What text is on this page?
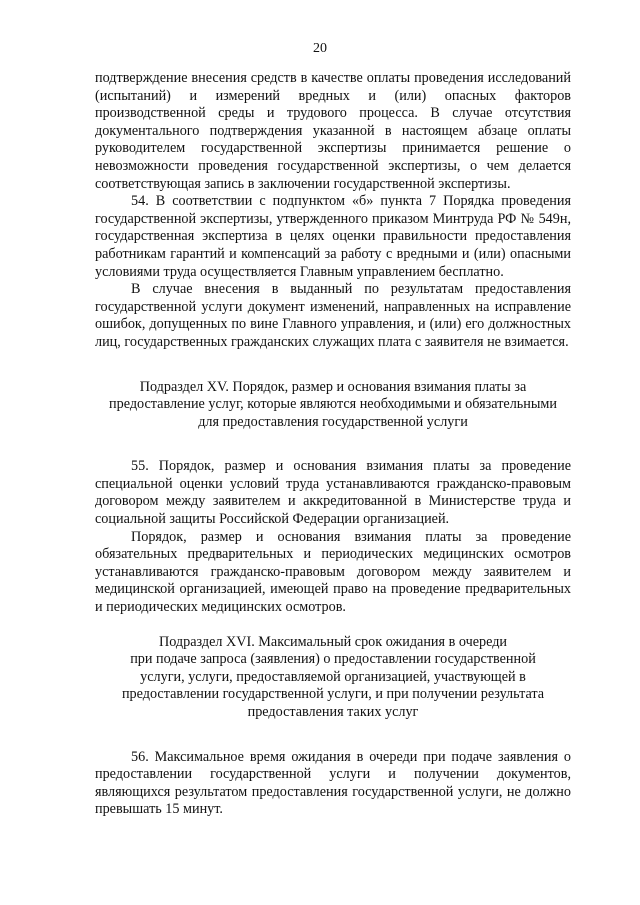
20

подтверждение внесения средств в качестве оплаты проведения исследований (испытаний) и измерений вредных и (или) опасных факторов производственной среды и трудового процесса. В случае отсутствия документального подтверждения указанной в настоящем абзаце оплаты руководителем государственной экспертизы принимается решение о невозможности проведения государственной экспертизы, о чем делается соответствующая запись в заключении государственной экспертизы.

54. В соответствии с подпунктом «б» пункта 7 Порядка проведения государственной экспертизы, утвержденного приказом Минтруда РФ № 549н, государственная экспертиза в целях оценки правильности предоставления работникам гарантий и компенсаций за работу с вредными и (или) опасными условиями труда осуществляется Главным управлением бесплатно.

В случае внесения в выданный по результатам предоставления государственной услуги документ изменений, направленных на исправление ошибок, допущенных по вине Главного управления, и (или) его должностных лиц, государственных гражданских служащих плата с заявителя не взимается.

Подраздел XV. Порядок, размер и основания взимания платы за
предоставление услуг, которые являются необходимыми и обязательными
для предоставления государственной услуги

55. Порядок, размер и основания взимания платы за проведение специальной оценки условий труда устанавливаются гражданско-правовым договором между заявителем и аккредитованной в Министерстве труда и социальной защиты Российской Федерации организацией.

Порядок, размер и основания взимания платы за проведение обязательных предварительных и периодических медицинских осмотров устанавливаются гражданско-правовым договором между заявителем и медицинской организацией, имеющей право на проведение предварительных и периодических медицинских осмотров.

Подраздел XVI. Максимальный срок ожидания в очереди
при подаче запроса (заявления) о предоставлении государственной
услуги, услуги, предоставляемой организацией, участвующей в
предоставлении государственной услуги, и при получении результата
предоставления таких услуг

56. Максимальное время ожидания в очереди при подаче заявления о предоставлении государственной услуги и получении документов, являющихся результатом предоставления государственной услуги, не должно превышать 15 минут.
